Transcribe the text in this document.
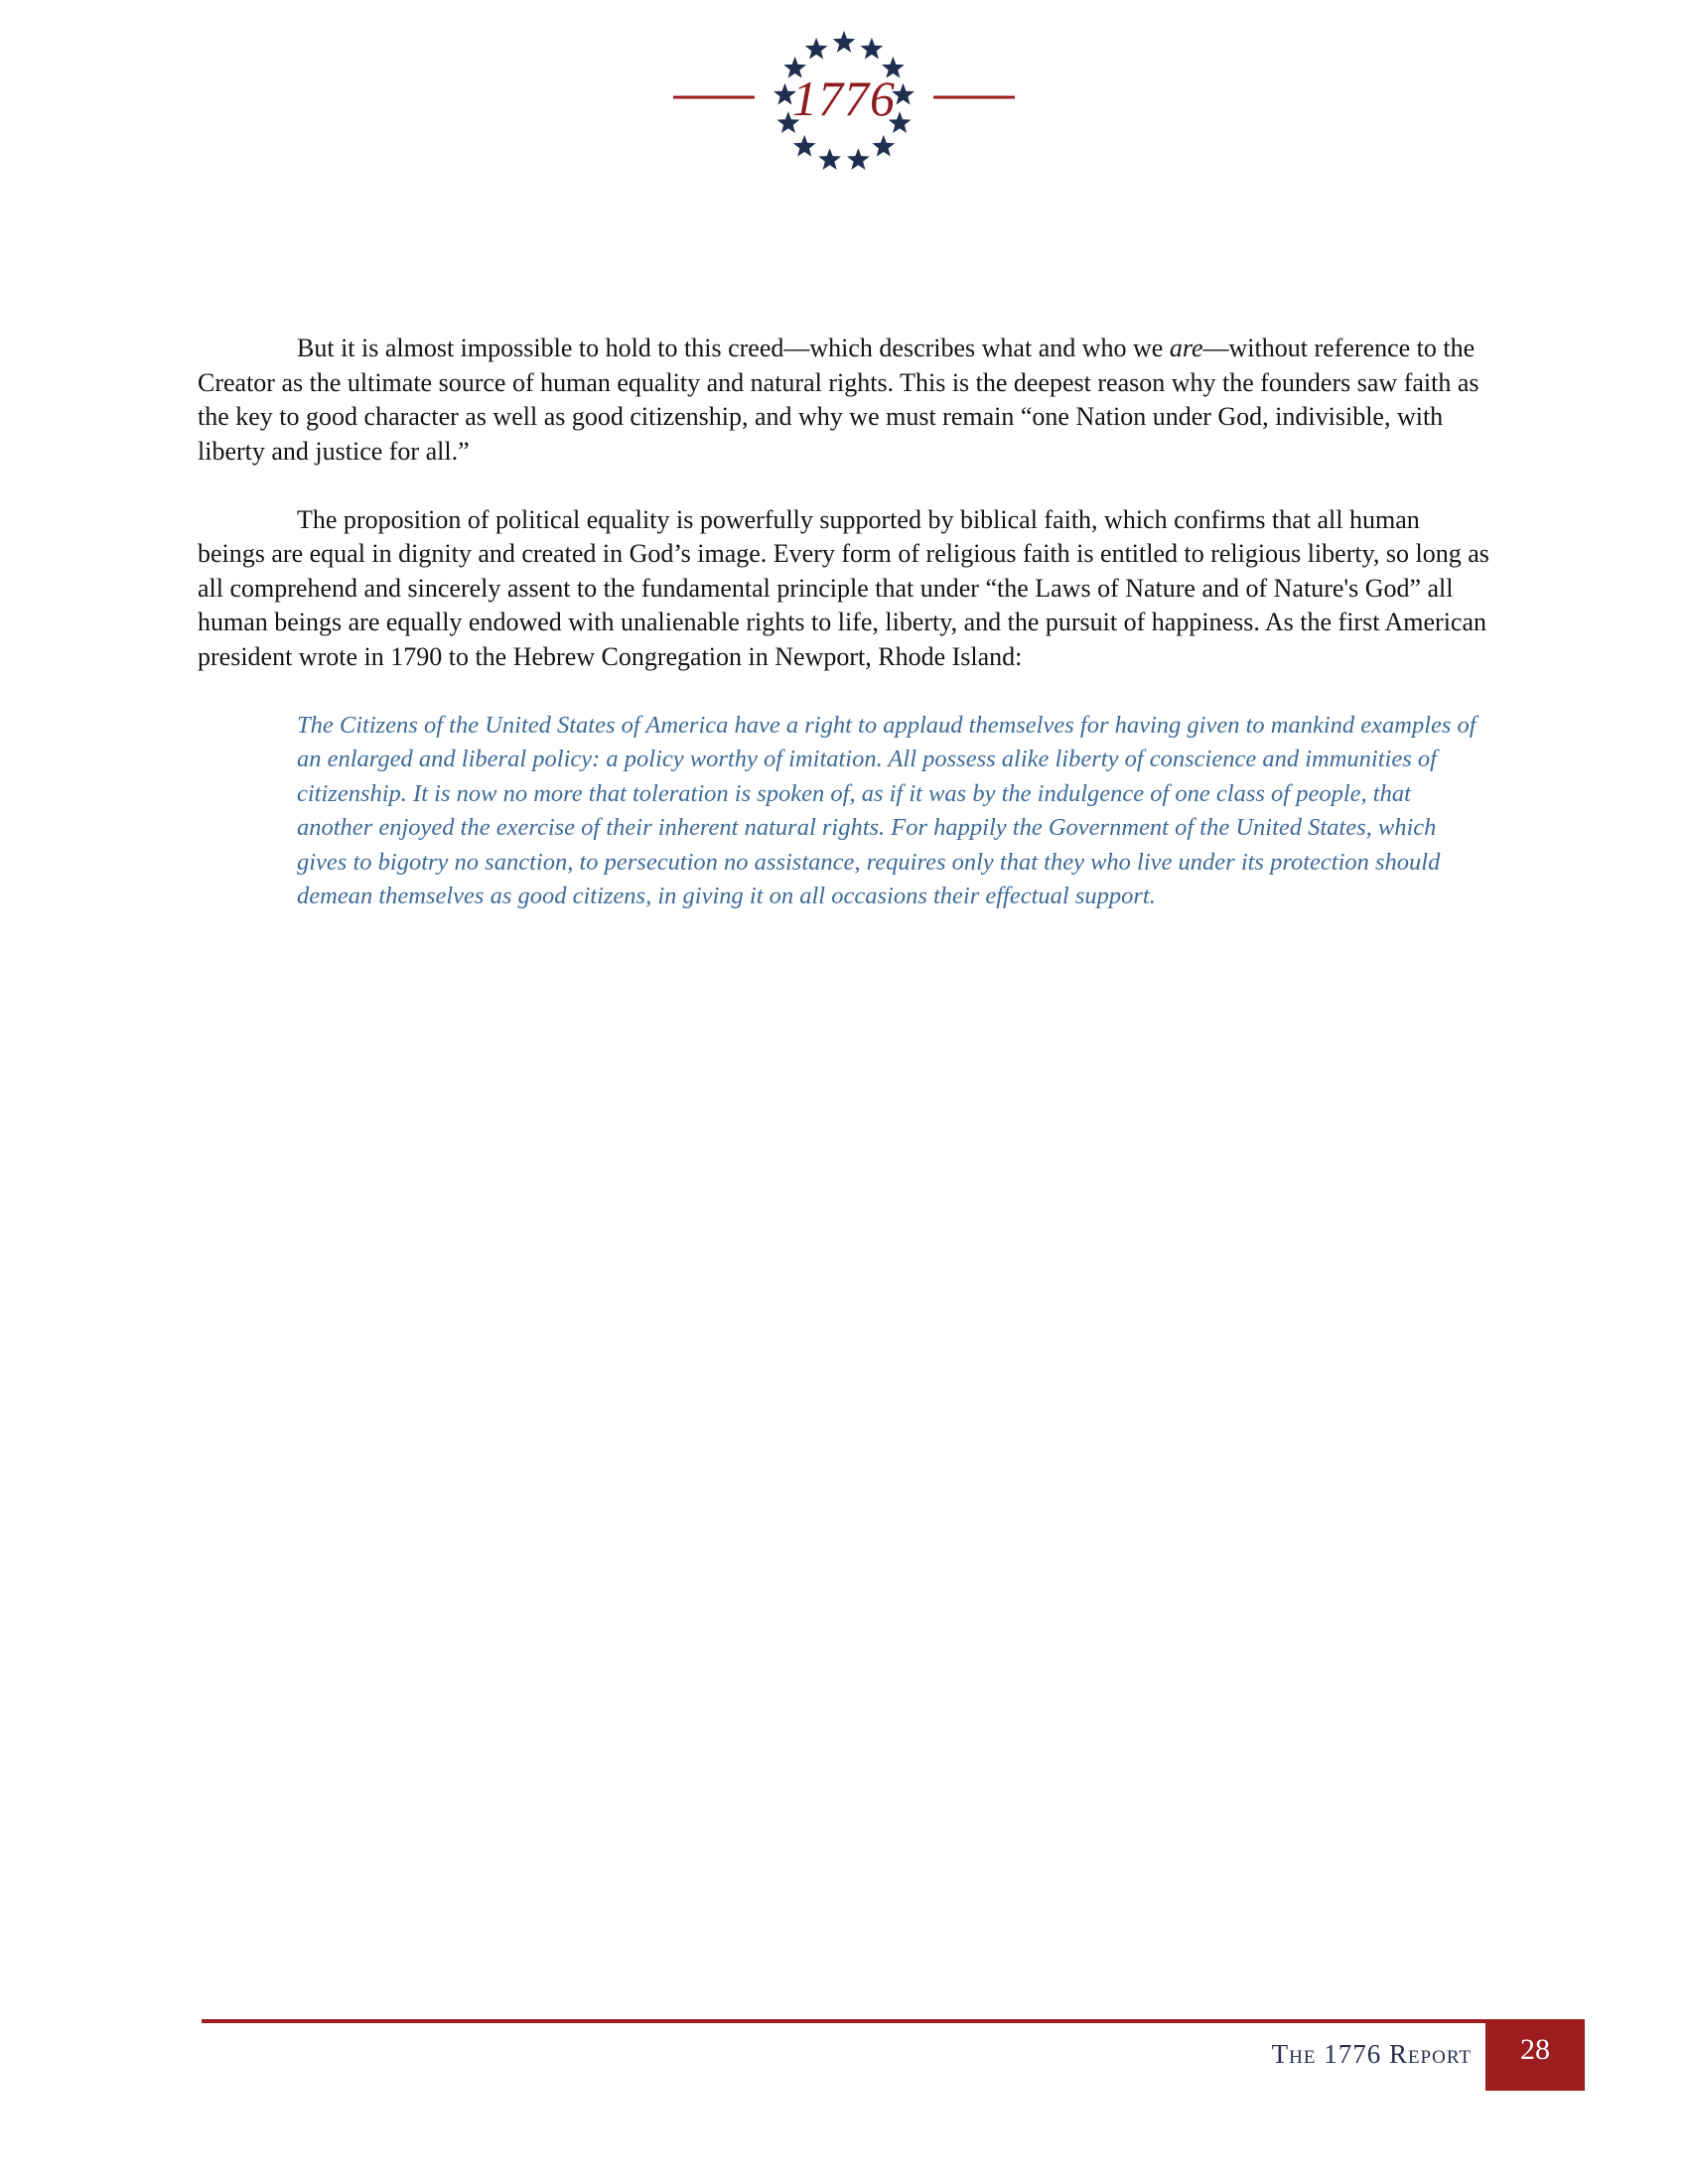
1776

But it is almost impossible to hold to this creed—which describes what and who we are—without reference to the Creator as the ultimate source of human equality and natural rights. This is the deepest reason why the founders saw faith as the key to good character as well as good citizenship, and why we must remain “one Nation under God, indivisible, with liberty and justice for all.”

The proposition of political equality is powerfully supported by biblical faith, which confirms that all human beings are equal in dignity and created in God’s image. Every form of religious faith is entitled to religious liberty, so long as all comprehend and sincerely assent to the fundamental principle that under “the Laws of Nature and of Nature's God” all human beings are equally endowed with unalienable rights to life, liberty, and the pursuit of happiness. As the first American president wrote in 1790 to the Hebrew Congregation in Newport, Rhode Island:

The Citizens of the United States of America have a right to applaud themselves for having given to mankind examples of an enlarged and liberal policy: a policy worthy of imitation. All possess alike liberty of conscience and immunities of citizenship. It is now no more that toleration is spoken of, as if it was by the indulgence of one class of people, that another enjoyed the exercise of their inherent natural rights. For happily the Government of the United States, which gives to bigotry no sanction, to persecution no assistance, requires only that they who live under its protection should demean themselves as good citizens, in giving it on all occasions their effectual support.

The 1776 Report	28
